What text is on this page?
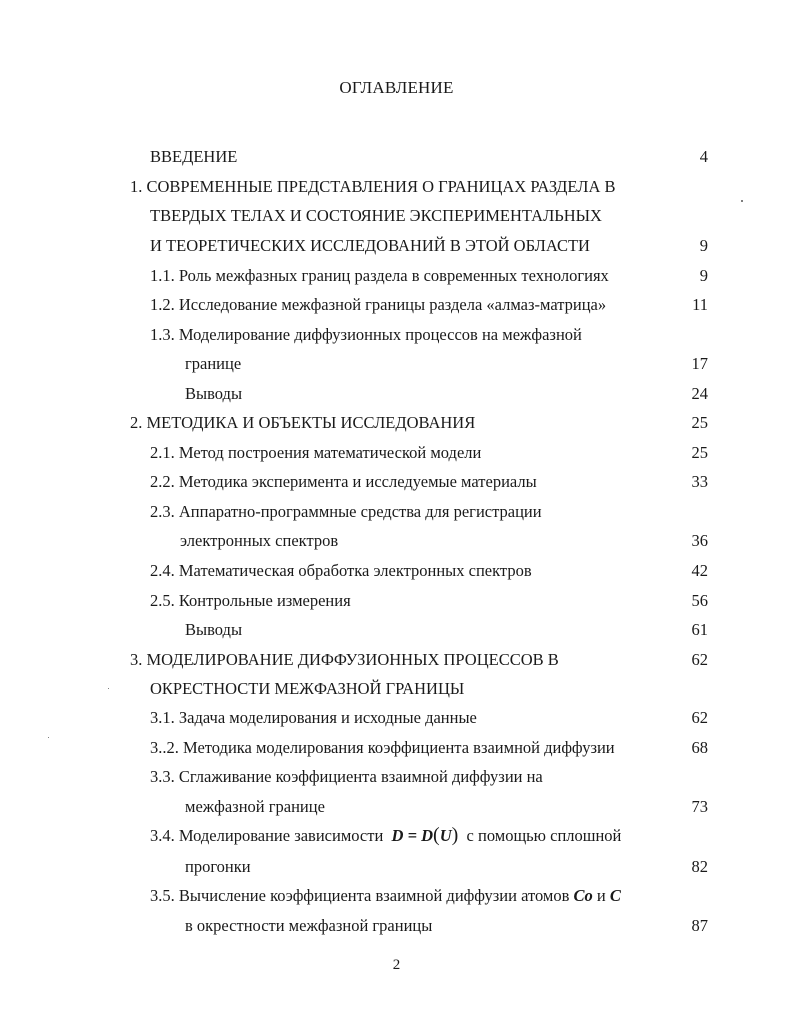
ОГЛАВЛЕНИЕ
ВВЕДЕНИЕ	4
1. СОВРЕМЕННЫЕ ПРЕДСТАВЛЕНИЯ О ГРАНИЦАХ РАЗДЕЛА В
ТВЕРДЫХ ТЕЛАХ И СОСТОЯНИЕ ЭКСПЕРИМЕНТАЛЬНЫХ
И ТЕОРЕТИЧЕСКИХ ИССЛЕДОВАНИЙ В ЭТОЙ ОБЛАСТИ	9
1.1. Роль межфазных границ раздела в современных технологиях	9
1.2. Исследование межфазной границы раздела «алмаз-матрица»	11
1.3. Моделирование диффузионных процессов на межфазной
границе	17
Выводы	24
2. МЕТОДИКА И ОБЪЕКТЫ ИССЛЕДОВАНИЯ	25
2.1. Метод построения математической модели	25
2.2. Методика эксперимента и исследуемые материалы	33
2.3. Аппаратно-программные средства для регистрации
электронных спектров	36
2.4. Математическая обработка электронных спектров	42
2.5. Контрольные измерения	56
Выводы	61
3. МОДЕЛИРОВАНИЕ ДИФФУЗИОННЫХ ПРОЦЕССОВ В	62
ОКРЕСТНОСТИ МЕЖФАЗНОЙ ГРАНИЦЫ
3.1. Задача моделирования и исходные данные	62
3..2. Методика моделирования коэффициента взаимной диффузии	68
3.3. Сглаживание коэффициента взаимной диффузии на
межфазной границе	73
3.4. Моделирование зависимости D = D(U) с помощью сплошной
прогонки	82
3.5. Вычисление коэффициента взаимной диффузии атомов Co и C
в окрестности межфазной границы	87
2
